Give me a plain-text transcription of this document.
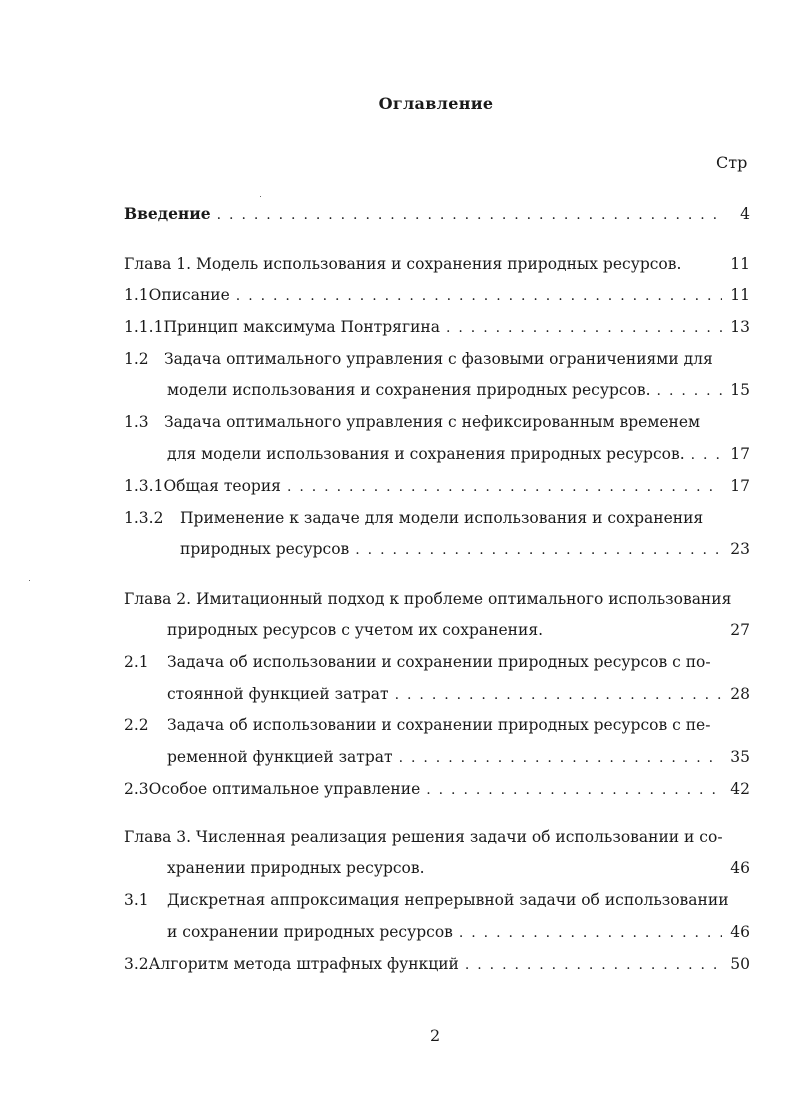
Оглавление
Стр
Введение . . .	4
Глава 1. Модель использования и сохранения природных ресурсов.	11
1.1 Описание . . .	11
1.1.1 Принцип максимума Понтрягина . . .	13
1.2 Задача оптимального управления с фазовыми ограничениями для
модели использования и сохранения природных ресурсов. . . .	15
1.3 Задача оптимального управления с нефиксированным временем
для модели использования и сохранения природных ресурсов. . . .	17
1.3.1 Общая теория . . .	17
1.3.2	Применение к задаче для модели использования и сохранения
природных ресурсов . . .	23
Глава 2. Имитационный подход к проблеме оптимального использования
природных ресурсов с учетом их сохранения.	27
2.1	Задача об использовании и сохранении природных ресурсов с по-
стоянной функцией затрат . . .	28
2.2	Задача об использовании и сохранении природных ресурсов с пе-
ременной функцией затрат . . .	35
2.3 Особое оптимальное управление . . .	42
Глава 3. Численная реализация решения задачи об использовании и со-
хранении природных ресурсов.	46
3.1	Дискретная аппроксимация непрерывной задачи об использовании
и сохранении природных ресурсов . . .	46
3.2 Алгоритм метода штрафных функций . . .	50
2
